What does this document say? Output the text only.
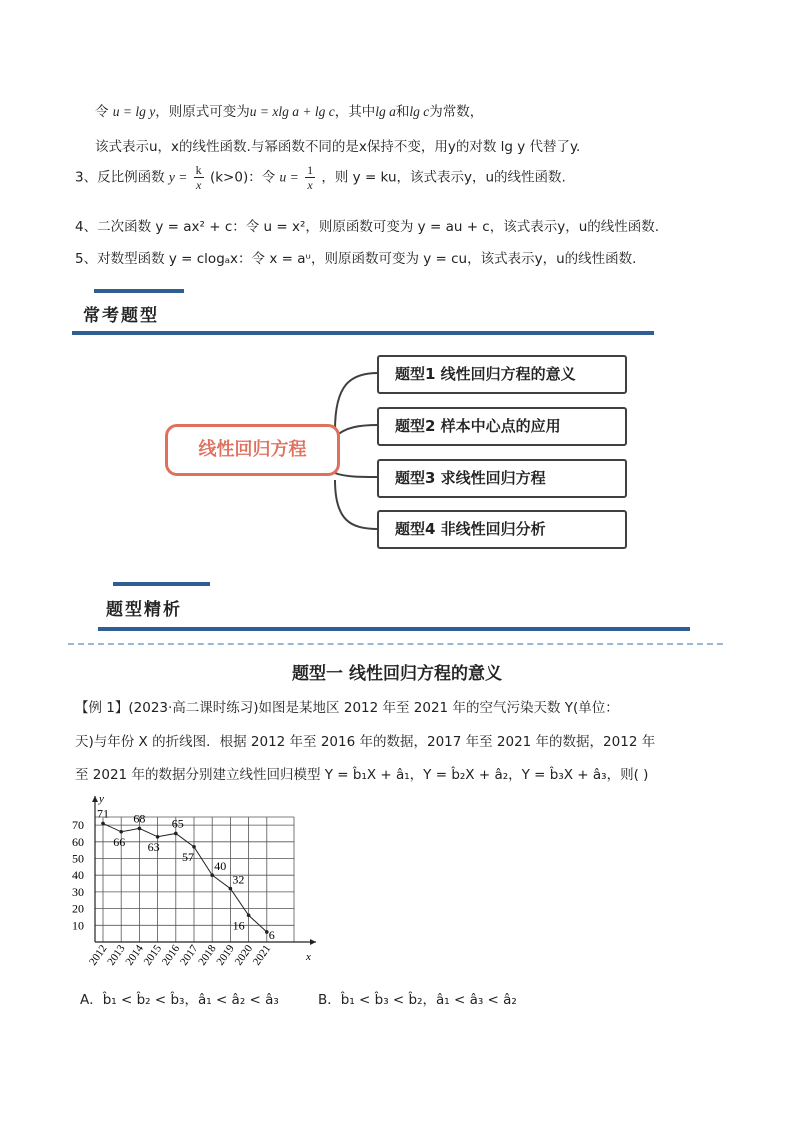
令 u = lg y，则原式可变为u = xlg a + lg c，其中lg a和lg c为常数，
该式表示u，x的线性函数.与幂函数不同的是x保持不变，用y的对数 lg y 代替了y.
3、反比例函数 $y = \frac{k}{x} (k>0)$：令 $u = \frac{1}{x}$ ，则 y = ku，该式表示y，u的线性函数.
4、二次函数 y = ax² + c：令 u = x²，则原函数可变为 y = au + c，该式表示y，u的线性函数.
5、对数型函数 y = clogₐx：令 x = aᵘ，则原函数可变为 y = cu，该式表示y，u的线性函数.
常考题型
线性回归方程
题型1 线性回归方程的意义
题型2 样本中心点的应用
题型3 求线性回归方程
题型4 非线性回归分析
题型精析
题型一 线性回归方程的意义
【例 1】(2023·高二课时练习)如图是某地区 2012 年至 2021 年的空气污染天数 Y(单位：
天)与年份 X 的折线图．根据 2012 年至 2016 年的数据，2017 年至 2021 年的数据，2012 年
至 2021 年的数据分别建立线性回归模型 Y = b̂₁X + â₁，Y = b̂₂X + â₂，Y = b̂₃X + â₃，则( )
y
x
70
60
50
40
30
20
10
2012
2013
2014
2015
2016
2017
2018
2019
2020
2021
71
66
68
63
65
57
40
32
16
6
A．b̂₁ < b̂₂ < b̂₃，â₁ < â₂ < â₃	B．b̂₁ < b̂₃ < b̂₂，â₁ < â₃ < â₂
